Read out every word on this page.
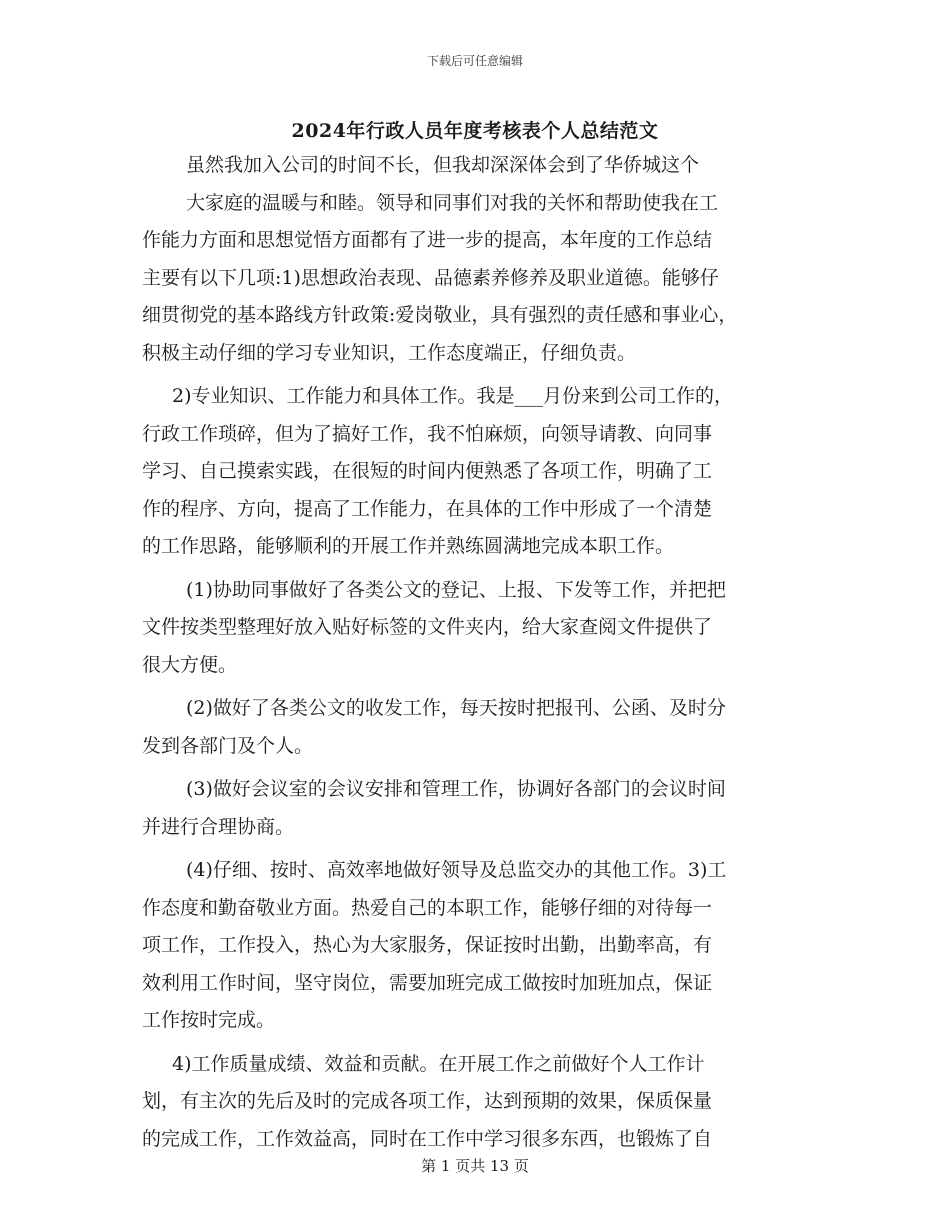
下载后可任意编辑
2024年行政人员年度考核表个人总结范文
虽然我加入公司的时间不长，但我却深深体会到了华侨城这个
大家庭的温暖与和睦。领导和同事们对我的关怀和帮助使我在工
作能力方面和思想觉悟方面都有了进一步的提高，本年度的工作总结
主要有以下几项:1)思想政治表现、品德素养修养及职业道德。能够仔
细贯彻党的基本路线方针政策:爱岗敬业，具有强烈的责任感和事业心，
积极主动仔细的学习专业知识，工作态度端正，仔细负责。
2)专业知识、工作能力和具体工作。我是___月份来到公司工作的，
行政工作琐碎，但为了搞好工作，我不怕麻烦，向领导请教、向同事
学习、自己摸索实践，在很短的时间内便熟悉了各项工作，明确了工
作的程序、方向，提高了工作能力，在具体的工作中形成了一个清楚
的工作思路，能够顺利的开展工作并熟练圆满地完成本职工作。
(1)协助同事做好了各类公文的登记、上报、下发等工作，并把把
文件按类型整理好放入贴好标签的文件夹内，给大家查阅文件提供了
很大方便。
(2)做好了各类公文的收发工作，每天按时把报刊、公函、及时分
发到各部门及个人。
(3)做好会议室的会议安排和管理工作，协调好各部门的会议时间
并进行合理协商。
(4)仔细、按时、高效率地做好领导及总监交办的其他工作。3)工
作态度和勤奋敬业方面。热爱自己的本职工作，能够仔细的对待每一
项工作，工作投入，热心为大家服务，保证按时出勤，出勤率高，有
效利用工作时间，坚守岗位，需要加班完成工做按时加班加点，保证
工作按时完成。
4)工作质量成绩、效益和贡献。在开展工作之前做好个人工作计
划，有主次的先后及时的完成各项工作，达到预期的效果，保质保量
的完成工作，工作效益高，同时在工作中学习很多东西，也锻炼了自
第 1 页共 13 页
